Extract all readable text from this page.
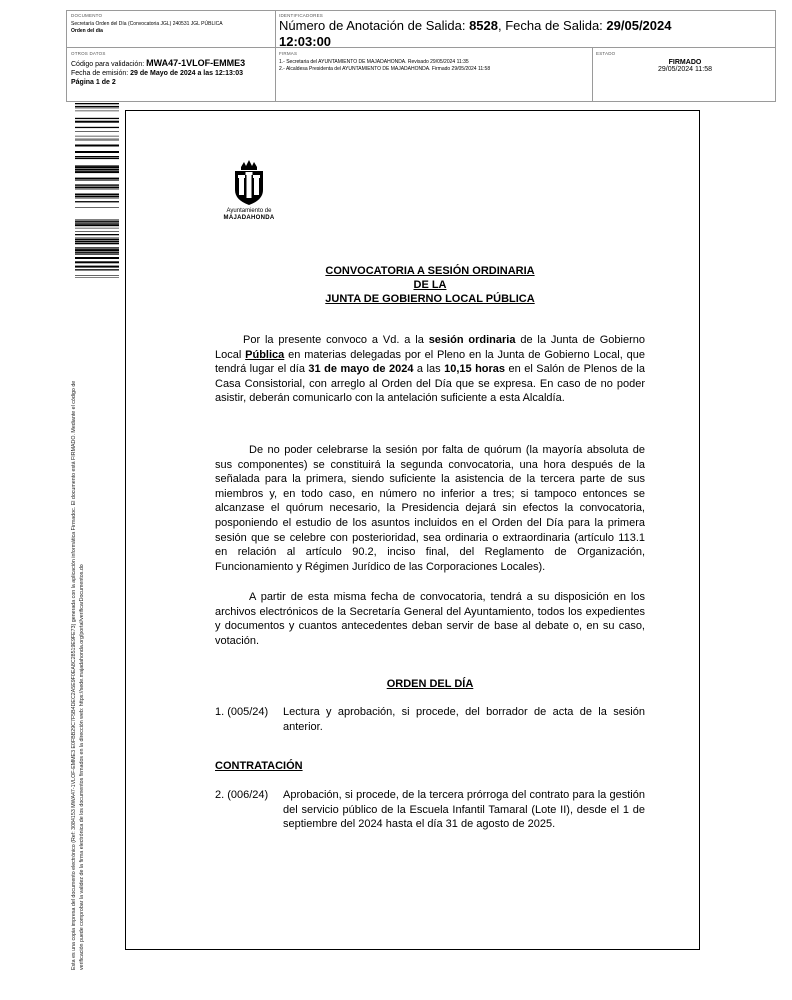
DOCUMENTO
Secretaría Orden del Día (Convocatoria JGL) 240531 JGL PÚBLICA
Orden del día
IDENTIFICADORES
Número de Anotación de Salida: 8528, Fecha de Salida: 29/05/2024
12:03:00
OTROS DATOS
Código para validación: MWA47-1VLOF-EMME3
Fecha de emisión: 29 de Mayo de 2024 a las 12:13:03
Página 1 de 2
FIRMAS
1.- Secretaria del AYUNTAMIENTO DE MAJADAHONDA. Revisado 29/05/2024 11:35
2.- Alcaldesa Presidenta del AYUNTAMIENTO DE MAJADAHONDA. Firmado 29/05/2024 11:58
ESTADO
FIRMADO
29/05/2024 11:58
Esta es una copia impresa del documento electrónico (Ref: 3084153 MWA47-1VLOF-EMME3 E0FBB29C7F5B4DEC2A5E9F0EA8C28519E9FE73) generada con la aplicación informática Firmadoc. El documento está FIRMADO. Mediante el código de verificación puede comprobar la validez de la firma electrónica de los documentos firmados en la dirección web: https://sede.majadahonda.org/portal/verificarDocumentos.do
Ayuntamiento de
MAJADAHONDA
CONVOCATORIA A SESIÓN ORDINARIA
DE LA
JUNTA DE GOBIERNO LOCAL PÚBLICA
Por la presente convoco a Vd. a la sesión ordinaria de la Junta de Gobierno Local Pública en materias delegadas por el Pleno en la Junta de Gobierno Local, que tendrá lugar el día 31 de mayo de 2024 a las 10,15 horas en el Salón de Plenos de la Casa Consistorial, con arreglo al Orden del Día que se expresa. En caso de no poder asistir, deberán comunicarlo con la antelación suficiente a esta Alcaldía.
De no poder celebrarse la sesión por falta de quórum (la mayoría absoluta de sus componentes) se constituirá la segunda convocatoria, una hora después de la señalada para la primera, siendo suficiente la asistencia de la tercera parte de sus miembros y, en todo caso, en número no inferior a tres; si tampoco entonces se alcanzase el quórum necesario, la Presidencia dejará sin efectos la convocatoria, posponiendo el estudio de los asuntos incluidos en el Orden del Día para la primera sesión que se celebre con posterioridad, sea ordinaria o extraordinaria (artículo 113.1 en relación al artículo 90.2, inciso final, del Reglamento de Organización, Funcionamiento y Régimen Jurídico de las Corporaciones Locales).
A partir de esta misma fecha de convocatoria, tendrá a su disposición en los archivos electrónicos de la Secretaría General del Ayuntamiento, todos los expedientes y documentos y cuantos antecedentes deban servir de base al debate o, en su caso, votación.
ORDEN DEL DÍA
1. (005/24) Lectura y aprobación, si procede, del borrador de acta de la sesión anterior.
CONTRATACIÓN
2. (006/24) Aprobación, si procede, de la tercera prórroga del contrato para la gestión del servicio público de la Escuela Infantil Tamaral (Lote II), desde el 1 de septiembre del 2024 hasta el día 31 de agosto de 2025.
